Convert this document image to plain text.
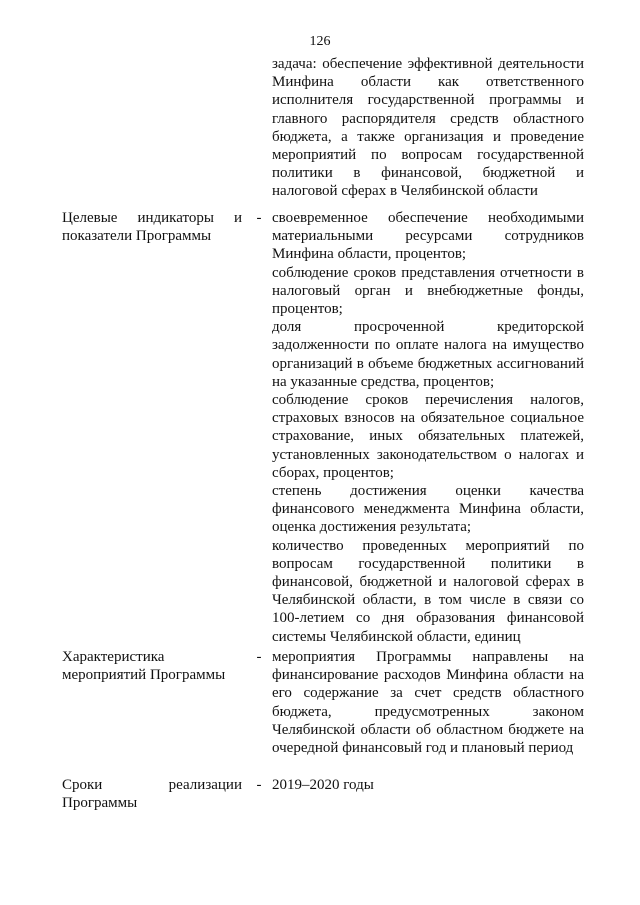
126

задача: обеспечение эффективной деятельности Минфина области как ответственного исполнителя государственной программы и главного распорядителя средств областного бюджета, а также организация и проведение мероприятий по вопросам государственной политики в финансовой, бюджетной и налоговой сферах в Челябинской области

Целевые индикаторы и
показатели Программы
- своевременное обеспечение необходимыми материальными ресурсами сотрудников Минфина области, процентов;

соблюдение сроков представления отчетности в налоговый орган и внебюджетные фонды, процентов;

доля просроченной кредиторской задолженности по оплате налога на имущество организаций в объеме бюджетных ассигнований на указанные средства, процентов;

соблюдение сроков перечисления налогов, страховых взносов на обязательное социальное страхование, иных обязательных платежей, установленных законодательством о налогах и сборах, процентов;

степень достижения оценки качества финансового менеджмента Минфина области, оценка достижения результата;

количество проведенных мероприятий по вопросам государственной политики в финансовой, бюджетной и налоговой сферах в Челябинской области, в том числе в связи со 100-летием со дня образования финансовой системы Челябинской области, единиц

Характеристика
мероприятий Программы
- мероприятия Программы направлены на финансирование расходов Минфина области на его содержание за счет средств областного бюджета, предусмотренных законом Челябинской области об областном бюджете на очередной финансовый год и плановый период

Сроки реализации
Программы
- 2019–2020 годы
